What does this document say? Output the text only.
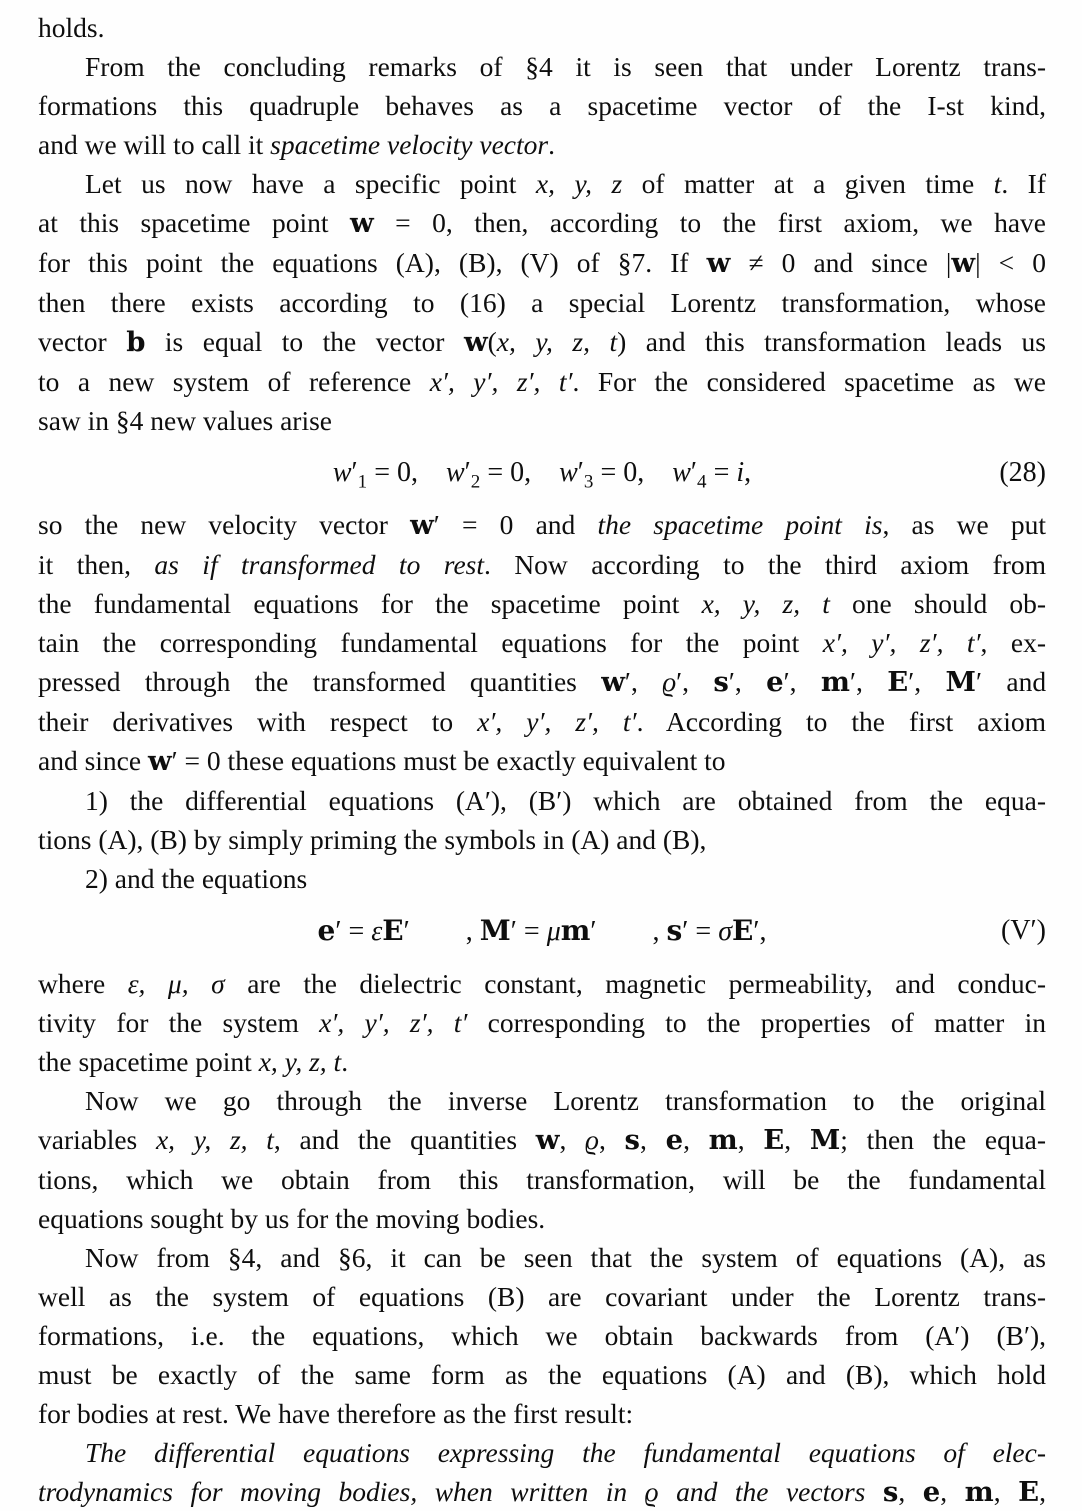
holds.
From the concluding remarks of §4 it is seen that under Lorentz trans-
formations this quadruple behaves as a spacetime vector of the I-st kind,
and we will to call it spacetime velocity vector.
Let us now have a specific point x, y, z of matter at a given time t. If
at this spacetime point w = 0, then, according to the first axiom, we have
for this point the equations (A), (B), (V) of §7. If w ≠ 0 and since |w| < 0
then there exists according to (16) a special Lorentz transformation, whose
vector b is equal to the vector w(x, y, z, t) and this transformation leads us
to a new system of reference x′, y′, z′, t′. For the considered spacetime as we
saw in §4 new values arise
$w'_1 = 0$, $w'_2 = 0$, $w'_3 = 0$, $w'_4 = i$,	(28)
so the new velocity vector w′ = 0 and the spacetime point is, as we put
it then, as if transformed to rest. Now according to the third axiom from
the fundamental equations for the spacetime point x, y, z, t one should ob-
tain the corresponding fundamental equations for the point x′, y′, z′, t′, ex-
pressed through the transformed quantities w′, ϱ′, s′, e′, m′, E′, M′ and
their derivatives with respect to x′, y′, z′, t′. According to the first axiom
and since w′ = 0 these equations must be exactly equivalent to
1) the differential equations (A′), (B′) which are obtained from the equa-
tions (A), (B) by simply priming the symbols in (A) and (B),
2) and the equations
e′ = εE′  , M′ = μm′  , s′ = σE′,	(V′)
where ε, μ, σ are the dielectric constant, magnetic permeability, and conduc-
tivity for the system x′, y′, z′, t′ corresponding to the properties of matter in
the spacetime point x, y, z, t.
Now we go through the inverse Lorentz transformation to the original
variables x, y, z, t, and the quantities w, ϱ, s, e, m, E, M; then the equa-
tions, which we obtain from this transformation, will be the fundamental
equations sought by us for the moving bodies.
Now from §4, and §6, it can be seen that the system of equations (A), as
well as the system of equations (B) are covariant under the Lorentz trans-
formations, i.e. the equations, which we obtain backwards from (A′) (B′),
must be exactly of the same form as the equations (A) and (B), which hold
for bodies at rest. We have therefore as the first result:
The differential equations expressing the fundamental equations of elec-
trodynamics for moving bodies, when written in ϱ and the vectors s, e, m, E,
